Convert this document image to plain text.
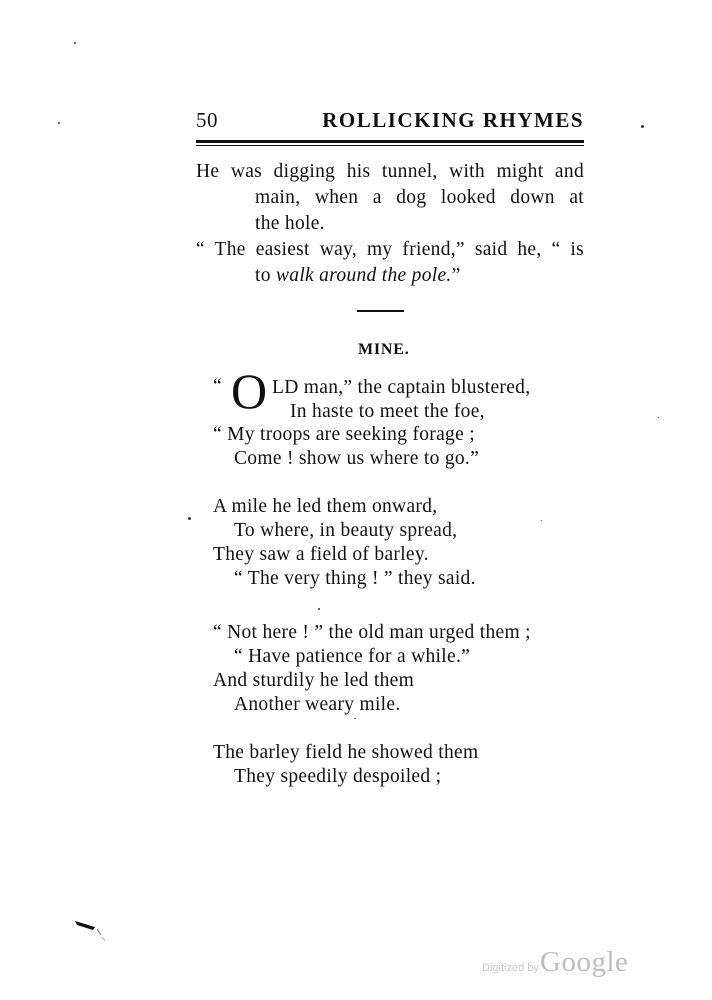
50	ROLLICKING RHYMES
He was digging his tunnel, with might and
main, when a dog looked down at
the hole.
“ The easiest way, my friend,” said he, “ is
to walk around the pole.”
MINE.
“ O LD man,” the captain blustered,
In haste to meet the foe,
“ My troops are seeking forage ;
Come ! show us where to go.”
A mile he led them onward,
To where, in beauty spread,
They saw a field of barley.
“ The very thing ! ” they said.
“ Not here ! ” the old man urged them ;
“ Have patience for a while.”
And sturdily he led them
Another weary mile.
The barley field he showed them
They speedily despoiled ;
Digitized by Google
